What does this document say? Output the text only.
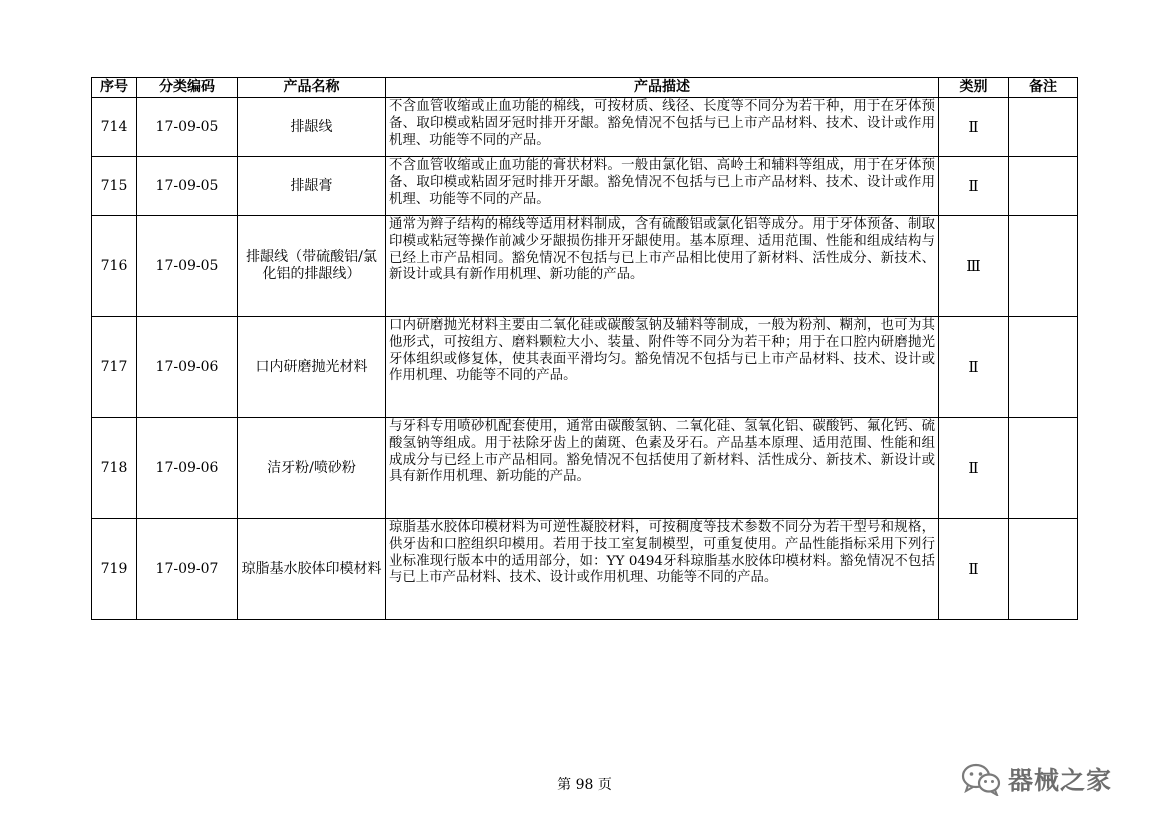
序号	分类编码	产品名称	产品描述	类别	备注
714	17-09-05	排龈线	不含血管收缩或止血功能的棉线，可按材质、线径、长度等不同分为若干种，用于在牙体预备、取印模或粘固牙冠时排开牙龈。豁免情况不包括与已上市产品材料、技术、设计或作用机理、功能等不同的产品。	Ⅱ	
715	17-09-05	排龈膏	不含血管收缩或止血功能的膏状材料。一般由氯化铝、高岭土和辅料等组成，用于在牙体预备、取印模或粘固牙冠时排开牙龈。豁免情况不包括与已上市产品材料、技术、设计或作用机理、功能等不同的产品。	Ⅱ	
716	17-09-05	排龈线（带硫酸铝/氯化铝的排龈线）	通常为辫子结构的棉线等适用材料制成，含有硫酸铝或氯化铝等成分。用于牙体预备、制取印模或粘冠等操作前减少牙龈损伤排开牙龈使用。基本原理、适用范围、性能和组成结构与已经上市产品相同。豁免情况不包括与已上市产品相比使用了新材料、活性成分、新技术、新设计或具有新作用机理、新功能的产品。	Ⅲ	
717	17-09-06	口内研磨抛光材料	口内研磨抛光材料主要由二氧化硅或碳酸氢钠及辅料等制成，一般为粉剂、糊剂，也可为其他形式，可按组方、磨料颗粒大小、装量、附件等不同分为若干种；用于在口腔内研磨抛光牙体组织或修复体，使其表面平滑均匀。豁免情况不包括与已上市产品材料、技术、设计或作用机理、功能等不同的产品。	Ⅱ	
718	17-09-06	洁牙粉/喷砂粉	与牙科专用喷砂机配套使用，通常由碳酸氢钠、二氧化硅、氢氧化铝、碳酸钙、氟化钙、硫酸氢钠等组成。用于祛除牙齿上的菌斑、色素及牙石。产品基本原理、适用范围、性能和组成成分与已经上市产品相同。豁免情况不包括使用了新材料、活性成分、新技术、新设计或具有新作用机理、新功能的产品。	Ⅱ	
719	17-09-07	琼脂基水胶体印模材料	琼脂基水胶体印模材料为可逆性凝胶材料，可按稠度等技术参数不同分为若干型号和规格，供牙齿和口腔组织印模用。若用于技工室复制模型，可重复使用。产品性能指标采用下列行业标准现行版本中的适用部分，如：YY 0494牙科琼脂基水胶体印模材料。豁免情况不包括与已上市产品材料、技术、设计或作用机理、功能等不同的产品。	Ⅱ	
第 98 页	器械之家
